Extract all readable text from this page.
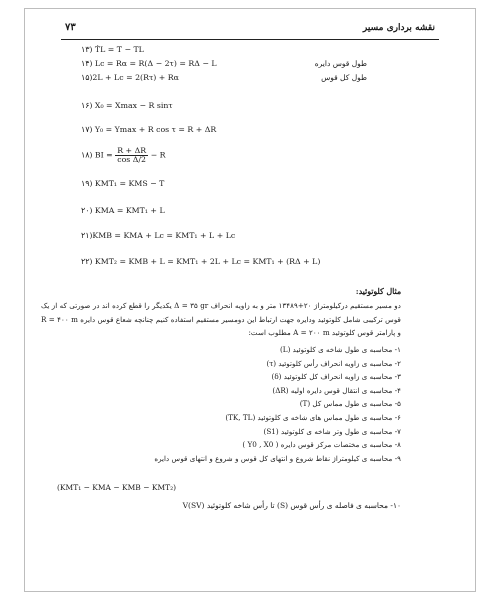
نقشه برداری مسیر
۷۳
۱۳) T́L = T − TL
۱۴) Lc = Rα = R(Δ − 2τ) = RΔ − L	طول قوس دایره
۱۵)2L + Lc = 2(Rτ) + Rα	طول کل قوس
۱۶) X₀ = Xmax − R sinτ
۱۷) Y₀ = Ymax + R cos τ = R + ΔR
۱۸) BI = $\frac{R + \Delta R}{\text{cos Δ/2}} - R$
۱۹) KMT₁ = KMS − T
۲۰) KMA = KMT₁ + L
۲۱)KMB = KMA + Lc = KMT₁ + L + Lc
۲۲) KMT₂ = KMB + L = KMT₁ + 2L + Lc = KMT₁ + (RΔ + L)
مثال کلوتوئید:
دو مسیر مستقیم درکیلومتراژ ۲۰+۱۳۴۸۹ متر و به زاویه انحراف Δ = ۳۵ gr یکدیگر را قطع کرده اند در صورتی که از یک قوس ترکیبی شامل کلوتوئید ودایره جهت ارتباط این دومسیر مستقیم استفاده کنیم چنانچه شعاع قوس دایره R = ۴۰۰ m و پارامتر قوس کلوتوئید A = ۲۰۰ m مطلوب است:
۱- محاسبه ی طول شاخه ی کلوتوئید (L)
۲- محاسبه ی زاویه انحراف رأس کلوتوئید (τ)
۳- محاسبه ی زاویه انحراف کل کلوتوئید (δ)
۴- محاسبه ی انتقال قوس دایره اولیه (ΔR)
۵- محاسبه ی طول مماس کل (T)
۶- محاسبه ی طول مماس های شاخه ی کلوتوئید (TK, TL)
۷- محاسبه ی طول وتر شاخه ی کلوتوئید (S1)
۸- محاسبه ی مختصات مرکز قوس دایره ( Y0 , X0 )
۹- محاسبه ی کیلومتراژ نقاط شروع و انتهای کل قوس و شروع و انتهای قوس دایره
(KMT₁ − KMA − KMB − KMT₂)
۱۰- محاسبه ی فاصله ی رأس قوس (S) تا رأس شاخه کلوتوئید (SV)V
